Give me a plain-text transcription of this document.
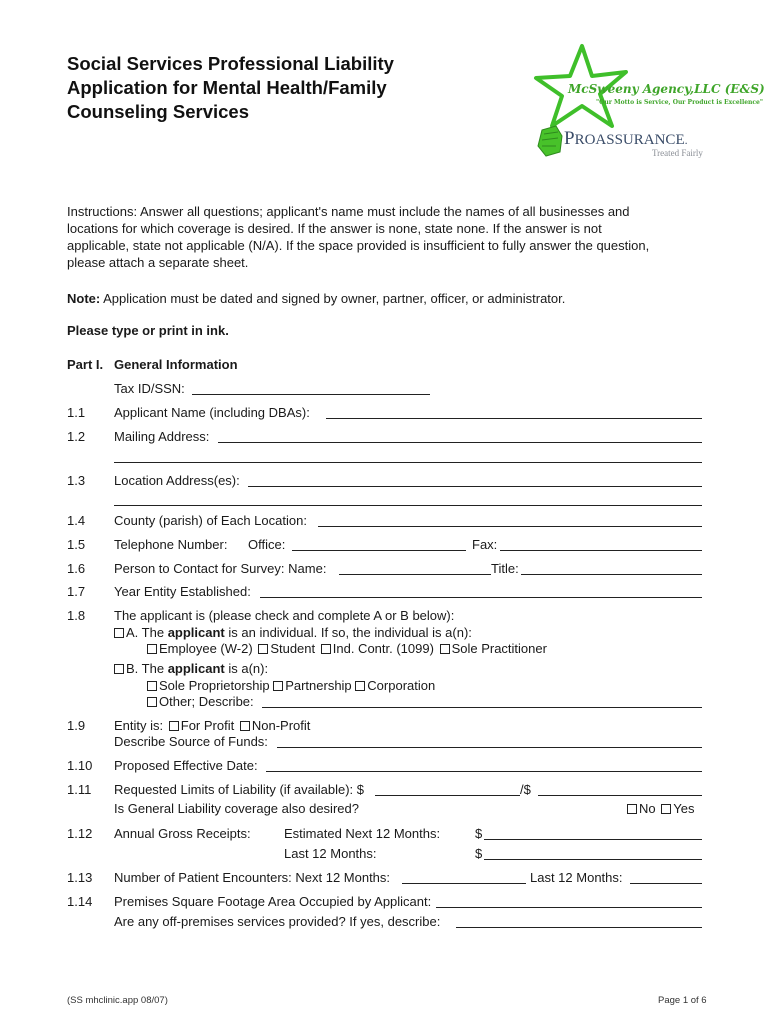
Social Services Professional Liability
Application for Mental Health/Family
Counseling Services
McSweeny Agency,LLC (E&S)
"Our Motto is Service, Our Product is Excellence"
PROASSURANCE.
Treated Fairly
Instructions: Answer all questions; applicant's name must include the names of all businesses and
locations for which coverage is desired. If the answer is none, state none. If the answer is not
applicable, state not applicable (N/A). If the space provided is insufficient to fully answer the question,
please attach a separate sheet.
Note: Application must be dated and signed by owner, partner, officer, or administrator.
Please type or print in ink.
Part I. General Information
Tax ID/SSN:
1.1 Applicant Name (including DBAs):
1.2 Mailing Address:
1.3 Location Address(es):
1.4 County (parish) of Each Location:
1.5 Telephone Number: Office:	Fax:
1.6 Person to Contact for Survey: Name:	Title:
1.7 Year Entity Established:
1.8 The applicant is (please check and complete A or B below):
A. The applicant is an individual. If so, the individual is a(n):
Employee (W-2) Student Ind. Contr. (1099) Sole Practitioner
B. The applicant is a(n):
Sole Proprietorship Partnership Corporation
Other; Describe:
1.9 Entity is: For Profit Non-Profit
Describe Source of Funds:
1.10 Proposed Effective Date:
1.11 Requested Limits of Liability (if available): $	/$
Is General Liability coverage also desired?	No Yes
1.12 Annual Gross Receipts:	Estimated Next 12 Months:	$
Last 12 Months:	$
1.13 Number of Patient Encounters: Next 12 Months:	Last 12 Months:
1.14 Premises Square Footage Area Occupied by Applicant:
Are any off-premises services provided? If yes, describe:
(SS mhclinic.app 08/07)	Page 1 of 6
